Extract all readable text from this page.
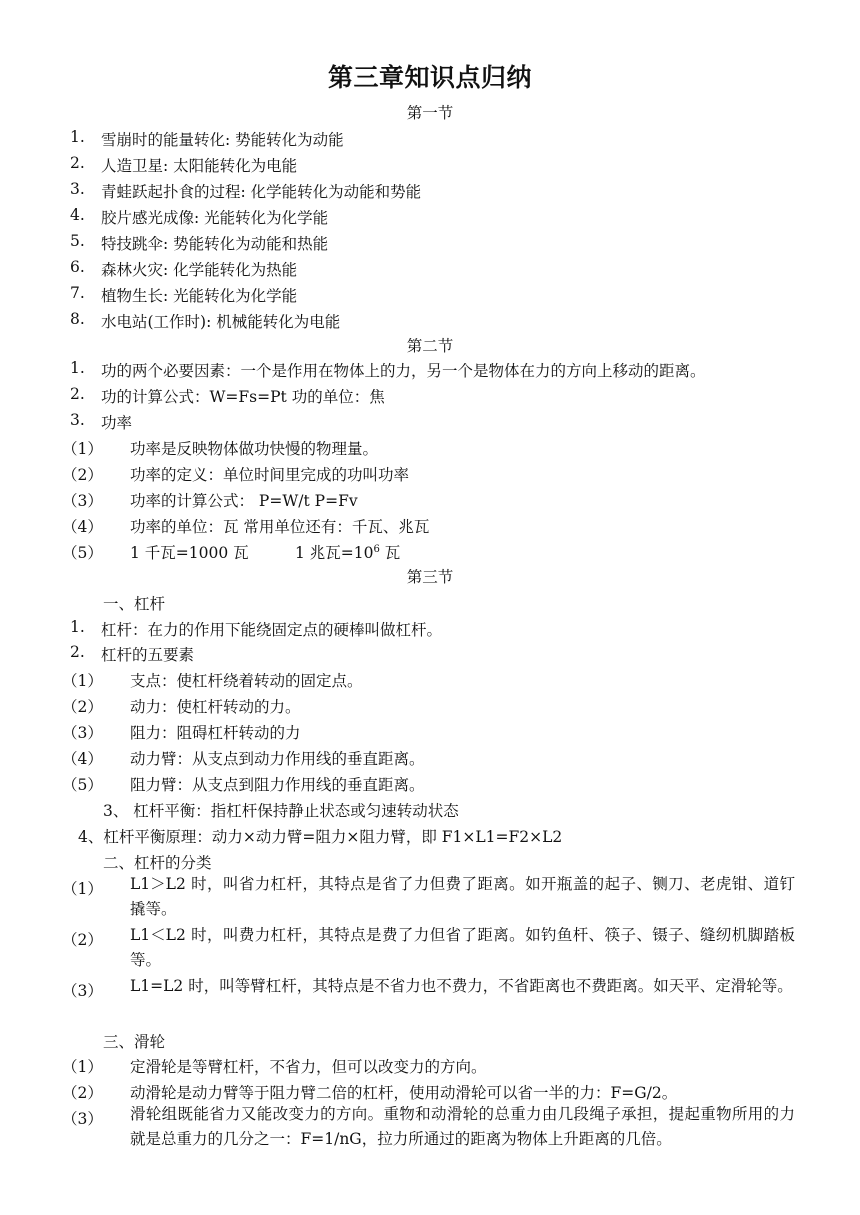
第三章知识点归纳
第一节
1. 雪崩时的能量转化: 势能转化为动能
2. 人造卫星: 太阳能转化为电能
3. 青蛙跃起扑食的过程: 化学能转化为动能和势能
4. 胶片感光成像: 光能转化为化学能
5. 特技跳伞: 势能转化为动能和热能
6. 森林火灾: 化学能转化为热能
7. 植物生长: 光能转化为化学能
8. 水电站(工作时): 机械能转化为电能
第二节
1. 功的两个必要因素：一个是作用在物体上的力，另一个是物体在力的方向上移动的距离。
2. 功的计算公式：W=Fs=Pt 功的单位：焦
3. 功率
（1） 功率是反映物体做功快慢的物理量。
（2） 功率的定义：单位时间里完成的功叫功率
（3） 功率的计算公式： P=W/t P=Fv
（4） 功率的单位：瓦 常用单位还有：千瓦、兆瓦
（5） 1 千瓦=1000 瓦	1 兆瓦$=10^6$ 瓦
第三节
一、杠杆
1. 杠杆：在力的作用下能绕固定点的硬棒叫做杠杆。
2. 杠杆的五要素
（1） 支点：使杠杆绕着转动的固定点。
（2） 动力：使杠杆转动的力。
（3） 阻力：阻碍杠杆转动的力
（4） 动力臂：从支点到动力作用线的垂直距离。
（5） 阻力臂：从支点到阻力作用线的垂直距离。
3、 杠杆平衡：指杠杆保持静止状态或匀速转动状态
4、杠杆平衡原理：动力×动力臂=阻力×阻力臂，即 F1×L1=F2×L2
二、杠杆的分类
（1） L1＞L2 时，叫省力杠杆，其特点是省了力但费了距离。如开瓶盖的起子、铡刀、老虎钳、道钉撬等。
（2） L1＜L2 时，叫费力杠杆，其特点是费了力但省了距离。如钓鱼杆、筷子、镊子、缝纫机脚踏板等。
（3） L1=L2 时，叫等臂杠杆，其特点是不省力也不费力，不省距离也不费距离。如天平、定滑轮等。
三、滑轮
（1） 定滑轮是等臂杠杆，不省力，但可以改变力的方向。
（2） 动滑轮是动力臂等于阻力臂二倍的杠杆，使用动滑轮可以省一半的力：F=G/2。
（3） 滑轮组既能省力又能改变力的方向。重物和动滑轮的总重力由几段绳子承担，提起重物所用的力就是总重力的几分之一：F=1/nG，拉力所通过的距离为物体上升距离的几倍。
